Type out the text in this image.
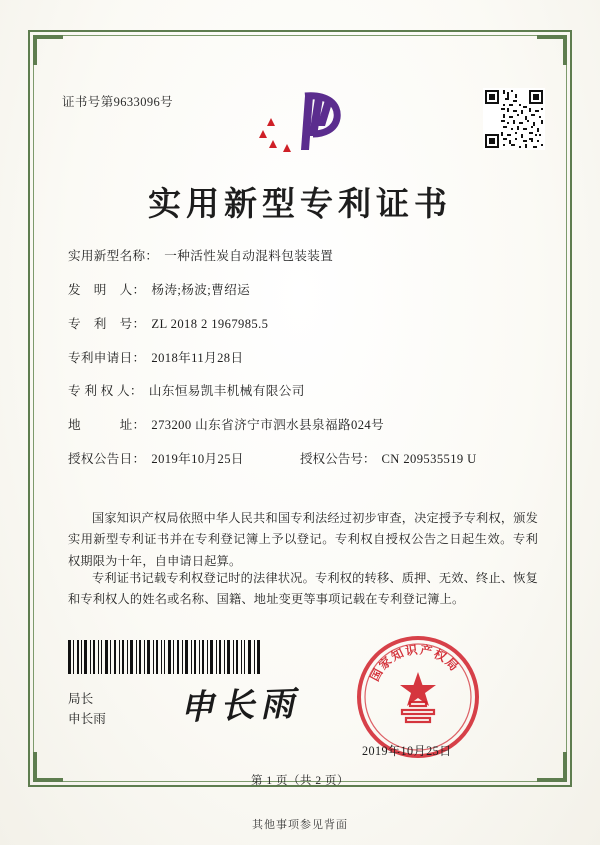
证书号第9633096号
实用新型专利证书
实用新型名称： 一种活性炭自动混料包装装置
发　明　人： 杨涛;杨波;曹绍运
专　利　号： ZL 2018 2 1967985.5
专利申请日： 2018年11月28日
专 利 权 人： 山东恒易凯丰机械有限公司
地　　　址： 273200 山东省济宁市泗水县泉福路024号
授权公告日： 2019年10月25日	授权公告号： CN 209535519 U
国家知识产权局依照中华人民共和国专利法经过初步审查，决定授予专利权，颁发实用新型专利证书并在专利登记簿上予以登记。专利权自授权公告之日起生效。专利权期限为十年，自申请日起算。
专利证书记载专利权登记时的法律状况。专利权的转移、质押、无效、终止、恢复和专利权人的姓名或名称、国籍、地址变更等事项记载在专利登记簿上。
局长
申长雨 申长雨
国
家
知
识 产
权
局
2019年10月25日
第 1 页（共 2 页）
其他事项参见背面
